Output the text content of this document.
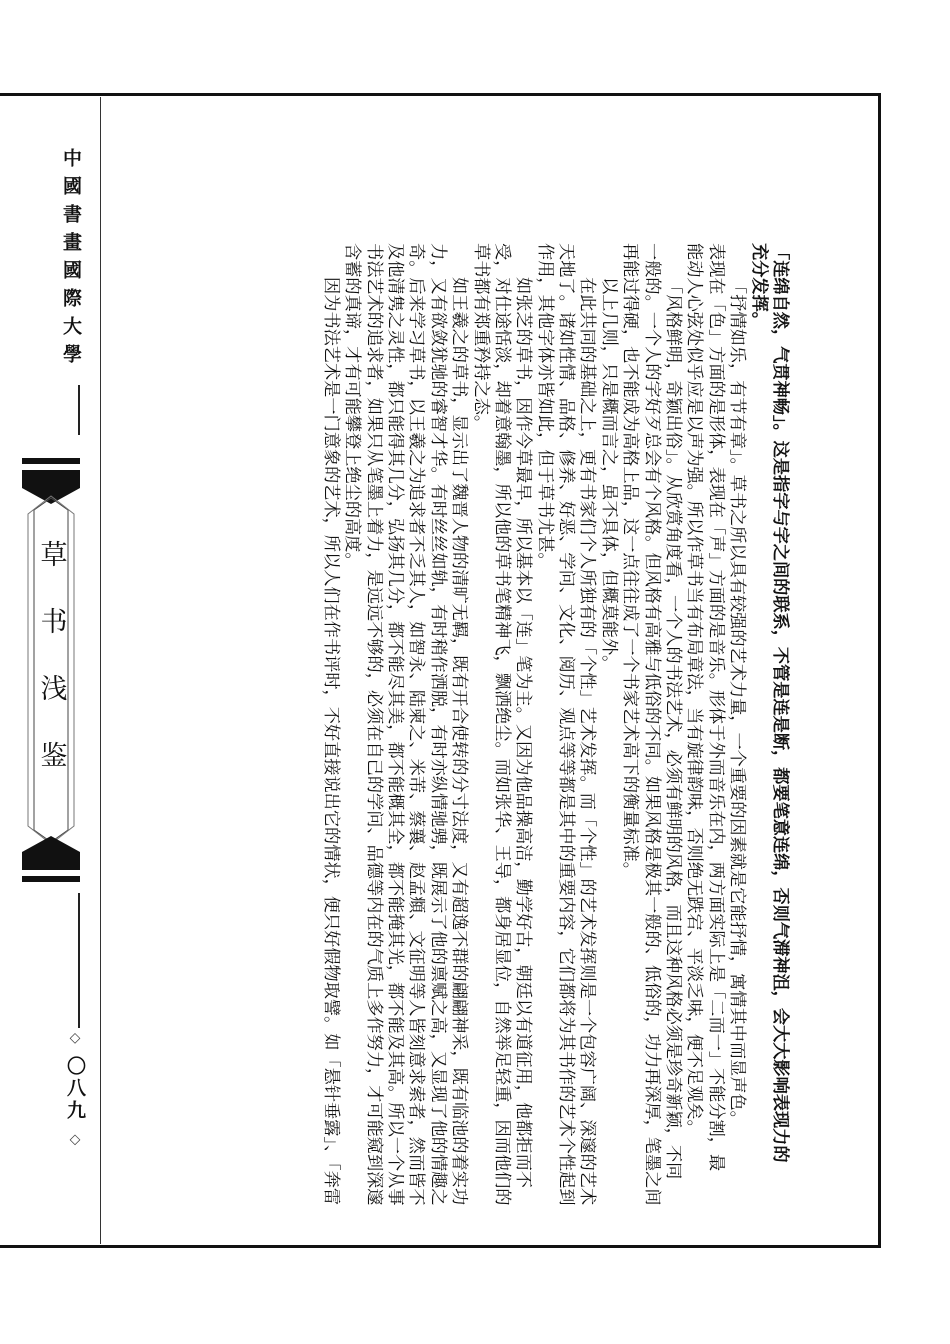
中國書畫國際大學
草书浅鉴
◇ 〇八九 ◇	「连绵自然，气贯神畅」。这是指字与字之间的联系，不管是连是断，都要笔意连绵，否则气滞神沮，会大大影响表现力的
充分发挥。
「抒情如乐，有节有章」。草书之所以具有较强的艺术力量，一个重要的因素就是它能抒情，寓情其中而显声色。
表现在「色」方面的是形体，表现在「声」方面的是音乐。形体于外而音乐在内，两方面实际上是「二而一」不能分割，最
能动人心弦处似乎应是以声为强。所以作草书当有布局章法，当有旋律韵味，否则绝无跌宕、平淡乏味，便不足观矣。
「风格鲜明，奇颖出俗」。从欣赏角度看，一个人的书法艺术，必须有鲜明的风格，而且这种风格必须是珍奇新颖，不同
一般的。一个人的字好歹总会有个风格。但风格有高雅与低俗的不同。如果风格是极其一般的、低俗的，功力再深厚，笔墨之间
再能过得硬，也不能成为高格上品，这一点往往成了一个书家艺术高下的衡量标准。
以上几则，只是概而言之，虽不具体，但概莫能外。
在此共同的基础之上，更有书家们个人所独有的「个性」艺术发挥。而「个性」的艺术发挥则是一个包容广阔、深邃的艺术
天地了。诸如性情、品格、修养、好恶、学问、文化、阅历、观点等等都是其中的重要内容，它们都将为其书作的艺术个性起到
作用，其他字体亦皆如此，但于草书尤甚。
如张芝的草书，因作今草最早，所以基本以「连」笔为主。又因为他品操高洁，勤学好古，朝廷以有道征用，他都拒而不
受，对仕途恬淡，却着意翰墨，所以他的草书笔精神飞，飘洒绝尘。而如张华、王导，都身居显位，自然举足轻重，因而他们的
草书都有郑重矜持之态。
如王羲之的草书，显示出了魏晋人物的清旷无羁，既有开合使转的分寸法度，又有超逸不群的翩翩神采，既有临池的着实功
力，又有欲敛犹驰的睿智才华。有时丝丝如轨，有时稍作洒脱，有时亦纵情驰骋，既展示了他的禀赋之高，又显现了他的情趣之
奇。后来学习草书，以王羲之为追求者不乏其人，如智永、陆柬之、米芾、蔡襄、赵孟頫、文征明等人皆刻意求索者，然而皆不
及他清隽之灵性，都只能得其几分，弘扬其几分，都不能尽其美，都不能概其全，都不能掩其光，都不能及其高。所以一个从事
书法艺术的追求者，如果只从笔墨上着力，是远远不够的，必须在自己的学问、品德等内在的气质上多作努力，才可能窥到深邃
含蓄的真谛，才有可能攀登上绝尘的高度。
因为书法艺术是一门意象的艺术，所以人们在作书评时，不好直接说出它的情状，便只好假物取譬。如「悬针垂露」、「奔雷
